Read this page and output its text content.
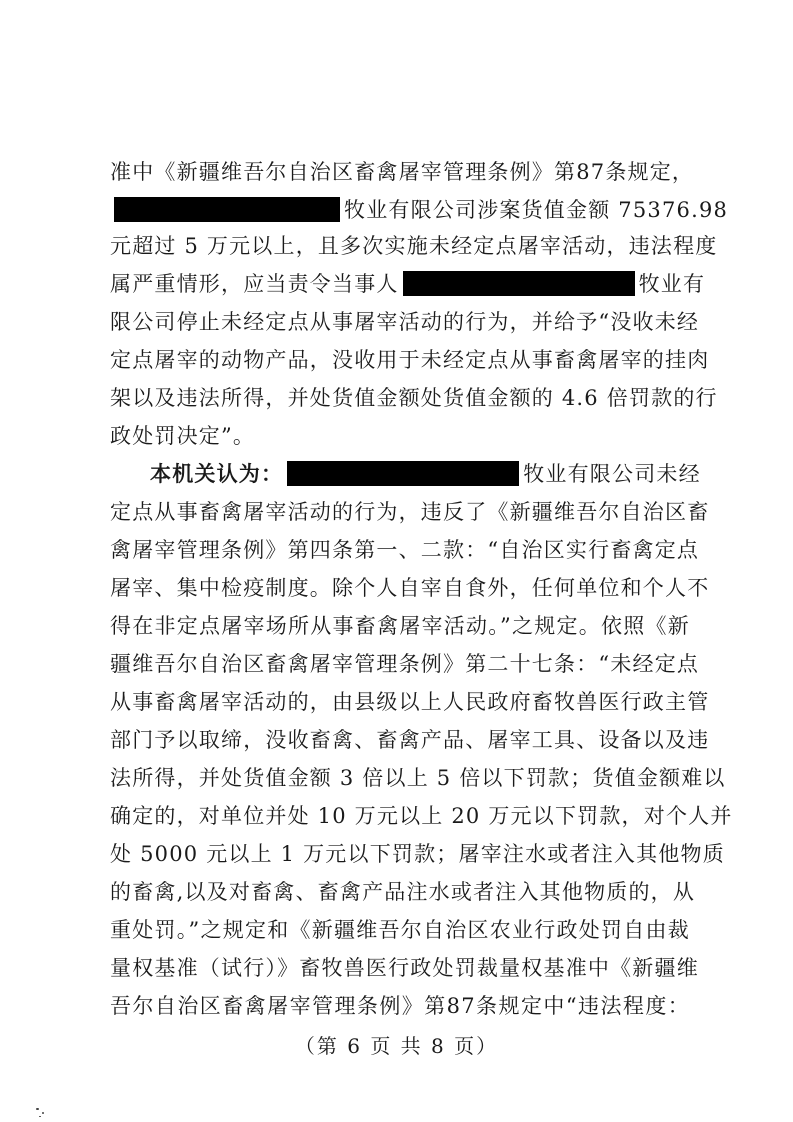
准中《新疆维吾尔自治区畜禽屠宰管理条例》第87条规定，
牧业有限公司涉案货值金额 75376.98
元超过 5 万元以上，且多次实施未经定点屠宰活动，违法程度
属严重情形，应当责令当事人	牧业有
限公司停止未经定点从事屠宰活动的行为，并给予“没收未经
定点屠宰的动物产品，没收用于未经定点从事畜禽屠宰的挂肉
架以及违法所得，并处货值金额处货值金额的 4.6 倍罚款的行
政处罚决定”。
本机关认为：	牧业有限公司未经
定点从事畜禽屠宰活动的行为，违反了《新疆维吾尔自治区畜
禽屠宰管理条例》第四条第一、二款：“自治区实行畜禽定点
屠宰、集中检疫制度。除个人自宰自食外，任何单位和个人不
得在非定点屠宰场所从事畜禽屠宰活动。”之规定。依照《新
疆维吾尔自治区畜禽屠宰管理条例》第二十七条：“未经定点
从事畜禽屠宰活动的，由县级以上人民政府畜牧兽医行政主管
部门予以取缔，没收畜禽、畜禽产品、屠宰工具、设备以及违
法所得，并处货值金额 3 倍以上 5 倍以下罚款；货值金额难以
确定的，对单位并处 10 万元以上 20 万元以下罚款，对个人并
处 5000 元以上 1 万元以下罚款；屠宰注水或者注入其他物质
的畜禽,以及对畜禽、畜禽产品注水或者注入其他物质的，从
重处罚。”之规定和《新疆维吾尔自治区农业行政处罚自由裁
量权基准（试行）》畜牧兽医行政处罚裁量权基准中《新疆维
吾尔自治区畜禽屠宰管理条例》第87条规定中“违法程度：
（第 6 页 共 8 页）
